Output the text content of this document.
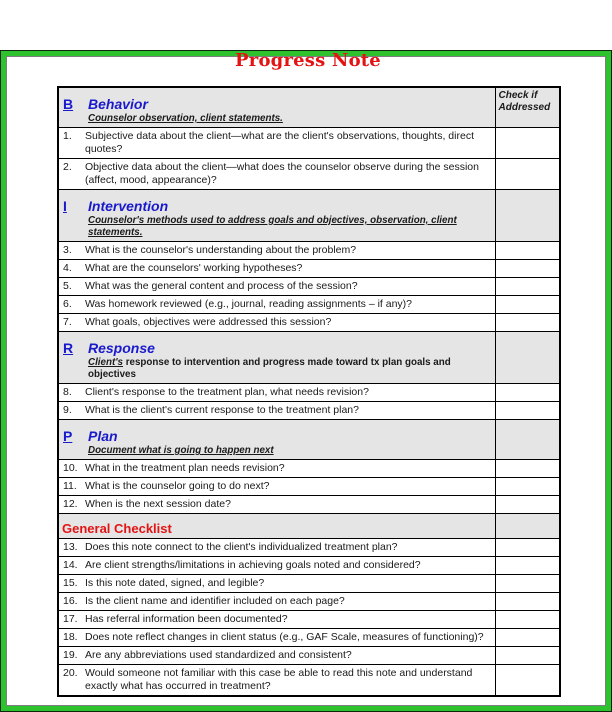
Progress Note
B Behavior
Counselor observation, client statements.	Check if Addressed

1. Subjective data about the client—what are the client's observations, thoughts, direct quotes?	

2. Objective data about the client—what does the counselor observe during the session (affect, mood, appearance)?	

I Intervention
Counselor's methods used to address goals and objectives, observation, client statements.	

3. What is the counselor's understanding about the problem?	

4. What are the counselors' working hypotheses?	

5. What was the general content and process of the session?	

6. Was homework reviewed (e.g., journal, reading assignments – if any)?	

7. What goals, objectives were addressed this session?	

R Response
Client's response to intervention and progress made toward tx plan goals and objectives	

8. Client's response to the treatment plan, what needs revision?	

9. What is the client's current response to the treatment plan?	

P Plan
Document what is going to happen next	

10. What in the treatment plan needs revision?	

11. What is the counselor going to do next?	

12. When is the next session date?	

General Checklist	

13. Does this note connect to the client's individualized treatment plan?	

14. Are client strengths/limitations in achieving goals noted and considered?	

15. Is this note dated, signed, and legible?	

16. Is the client name and identifier included on each page?	

17. Has referral information been documented?	

18. Does note reflect changes in client status (e.g., GAF Scale, measures of functioning)?	

19. Are any abbreviations used standardized and consistent?	

20. Would someone not familiar with this case be able to read this note and understand exactly what has occurred in treatment?	
